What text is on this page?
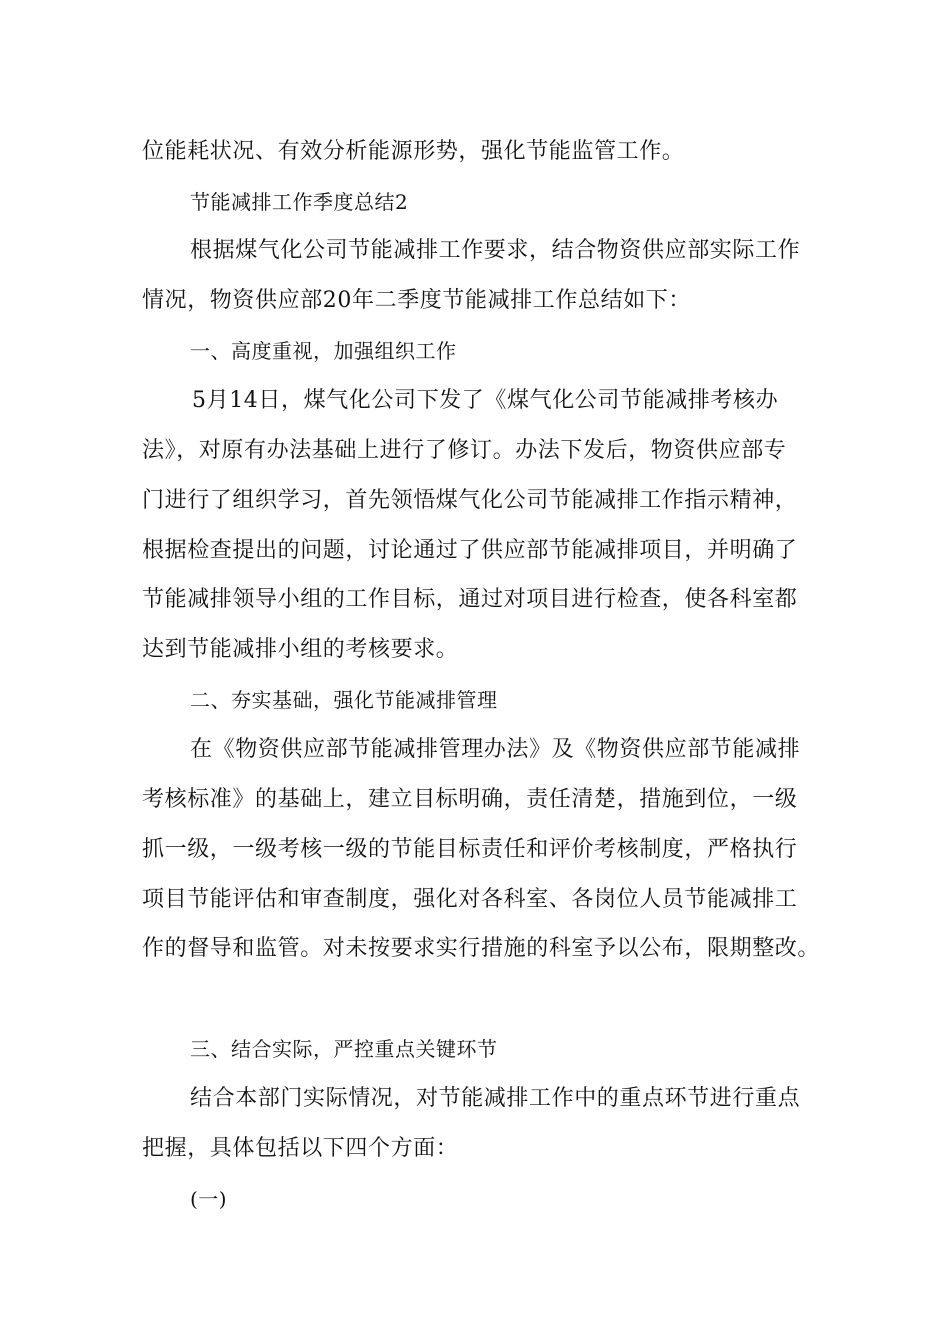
位能耗状况、有效分析能源形势，强化节能监管工作。
节能减排工作季度总结2
根据煤气化公司节能减排工作要求，结合物资供应部实际工作
情况，物资供应部20年二季度节能减排工作总结如下：
一、高度重视，加强组织工作
5月14日，煤气化公司下发了《煤气化公司节能减排考核办
法》，对原有办法基础上进行了修订。办法下发后，物资供应部专
门进行了组织学习，首先领悟煤气化公司节能减排工作指示精神，
根据检查提出的问题，讨论通过了供应部节能减排项目，并明确了
节能减排领导小组的工作目标，通过对项目进行检查，使各科室都
达到节能减排小组的考核要求。
二、夯实基础，强化节能减排管理
在《物资供应部节能减排管理办法》及《物资供应部节能减排
考核标准》的基础上，建立目标明确，责任清楚，措施到位，一级
抓一级，一级考核一级的节能目标责任和评价考核制度，严格执行
项目节能评估和审查制度，强化对各科室、各岗位人员节能减排工
作的督导和监管。对未按要求实行措施的科室予以公布，限期整改。
三、结合实际，严控重点关键环节
结合本部门实际情况，对节能减排工作中的重点环节进行重点
把握，具体包括以下四个方面：
(一)
